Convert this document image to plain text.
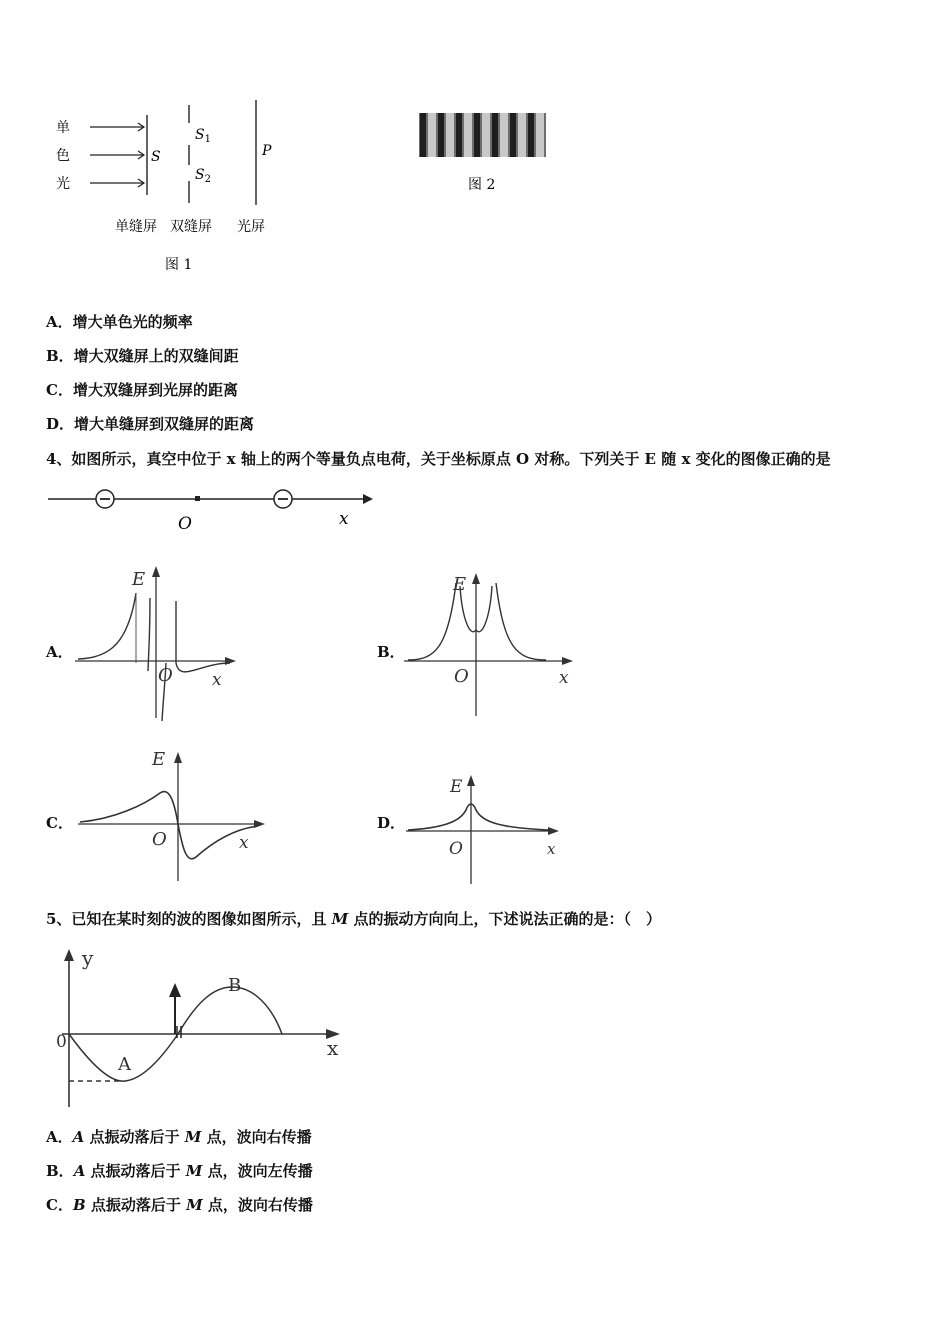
单
色
光
S
$S_1$
$S_2$
P
单缝屏 双缝屏 光屏
图 1
图 2
A．增大单色光的频率
B．增大双缝屏上的双缝间距
C．增大双缝屏到光屏的距离
D．增大单缝屏到双缝屏的距离
4、如图所示，真空中位于 x 轴上的两个等量负点电荷，关于坐标原点 O 对称。下列关于 E 随 x 变化的图像正确的是
O	x
A．
E
O x
B．
E
O	x
C．
E
O	x
D．
E
O	x
5、已知在某时刻的波的图像如图所示，且 M 点的振动方向向上，下述说法正确的是：（　）
0
y
x
A
B
A．A 点振动落后于 M 点，波向右传播
B．A 点振动落后于 M 点，波向左传播
C．B 点振动落后于 M 点，波向右传播
